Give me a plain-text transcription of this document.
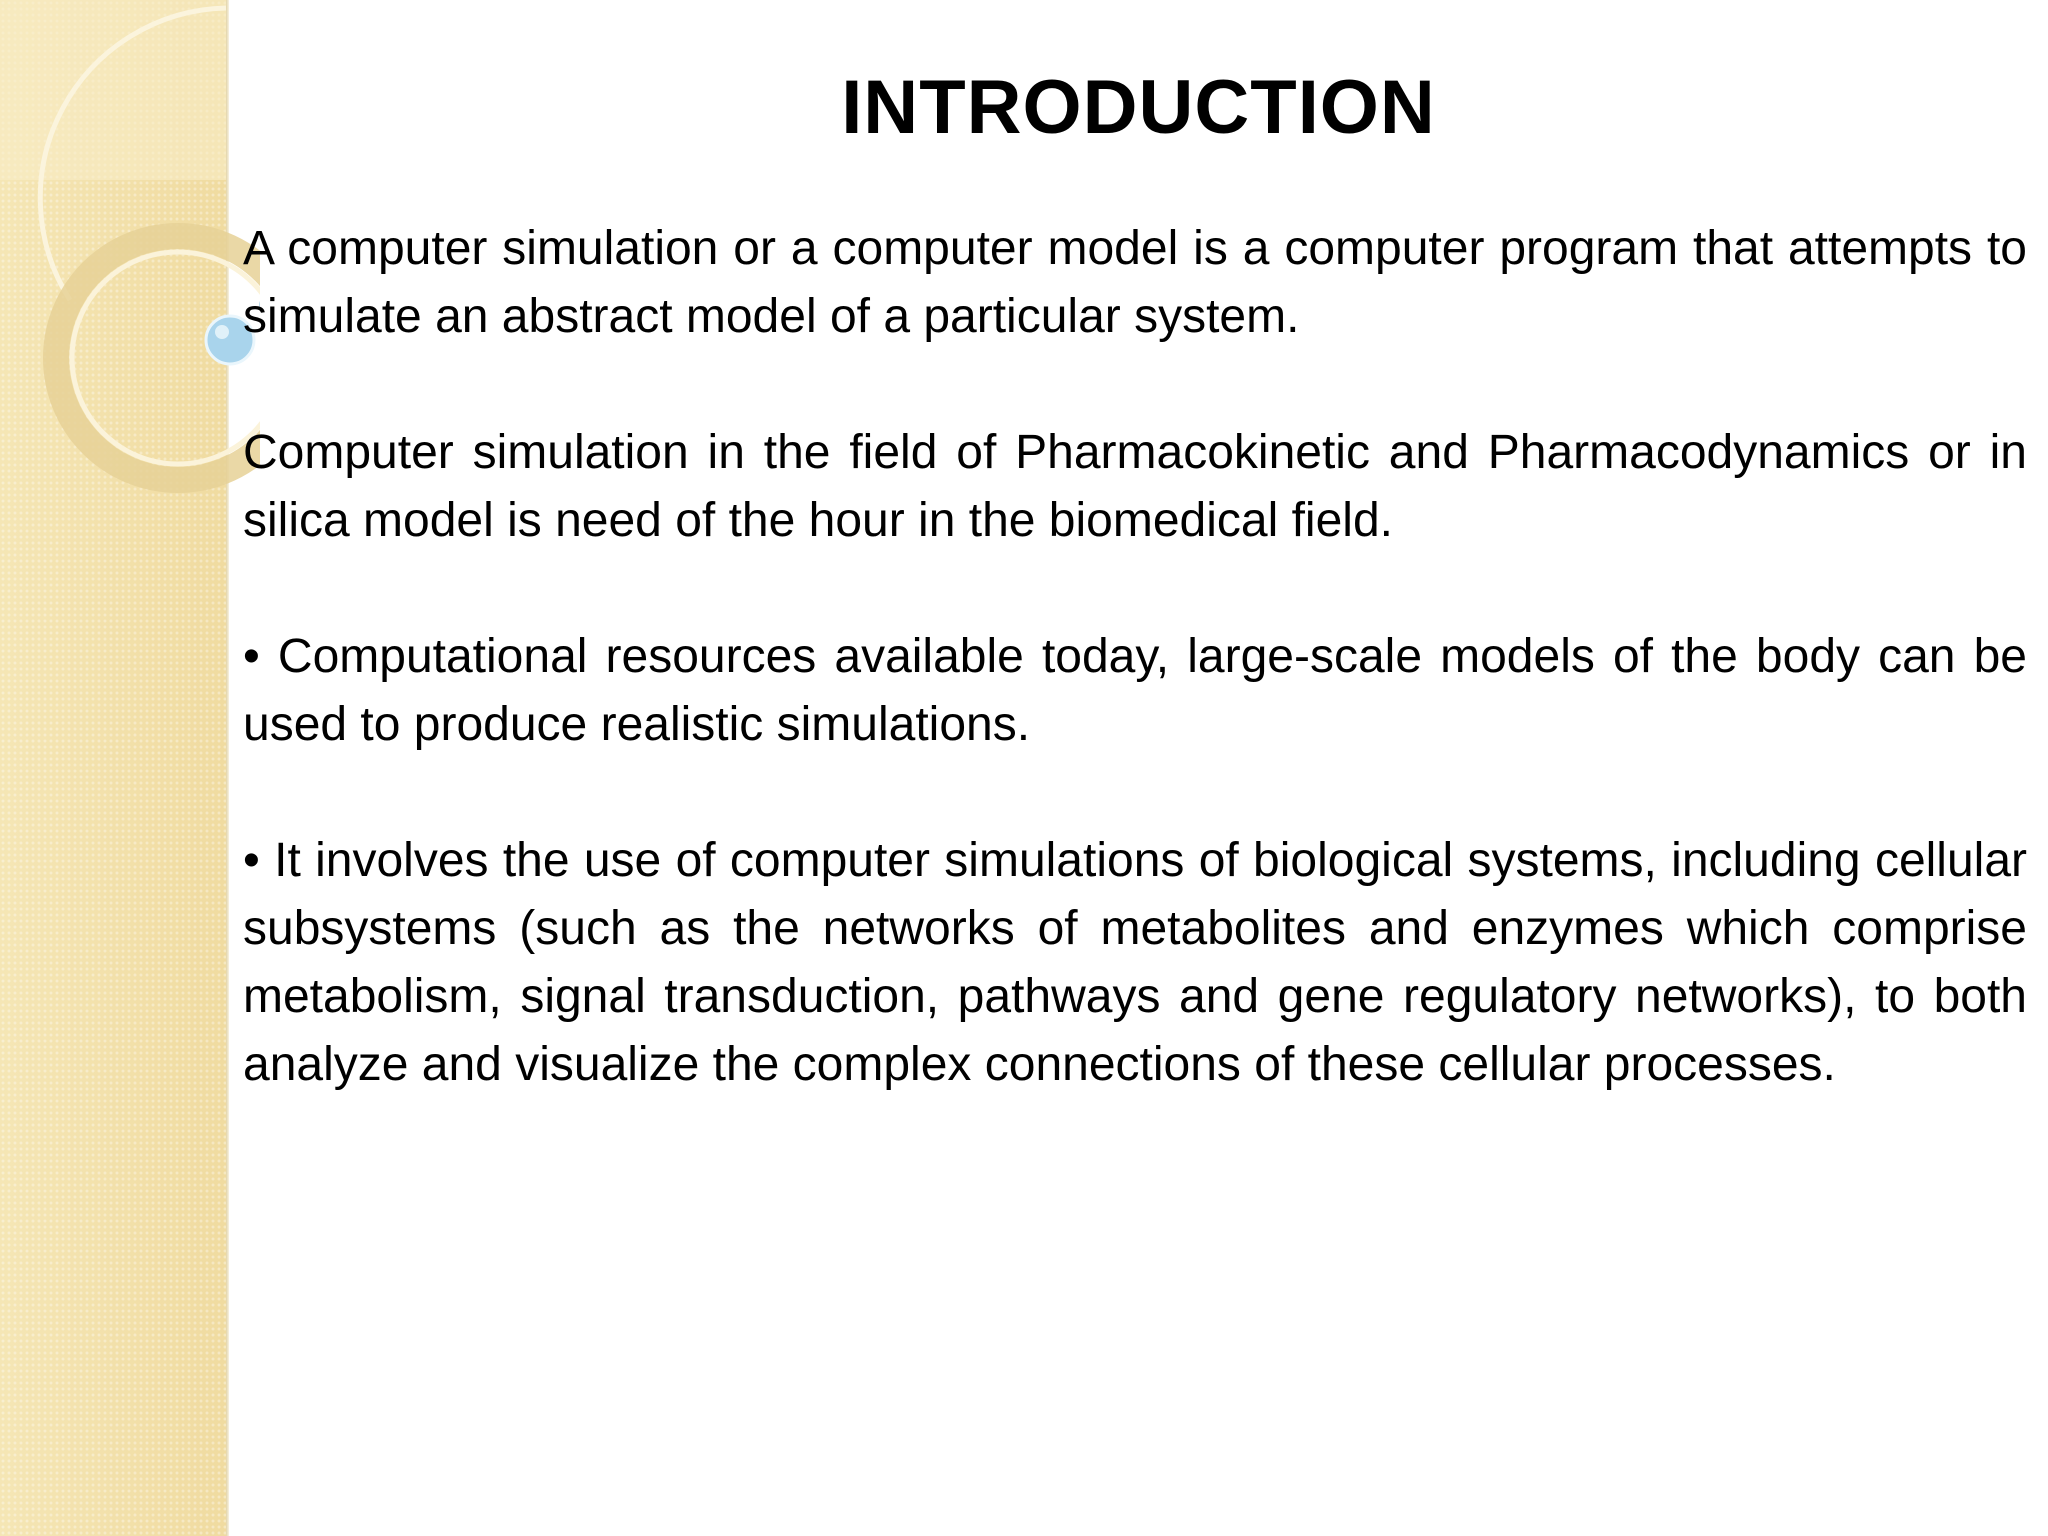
INTRODUCTION

A computer simulation or a computer model is a computer program that attempts to simulate an abstract model of a particular system.

Computer simulation in the field of Pharmacokinetic and Pharmacodynamics or in silica model is need of the hour in the biomedical field.

• Computational resources available today, large-scale models of the body can be used to produce realistic simulations.

• It involves the use of computer simulations of biological systems, including cellular subsystems (such as the networks of metabolites and enzymes which comprise metabolism, signal transduction, pathways and gene regulatory networks), to both analyze and visualize the complex connections of these cellular processes.
